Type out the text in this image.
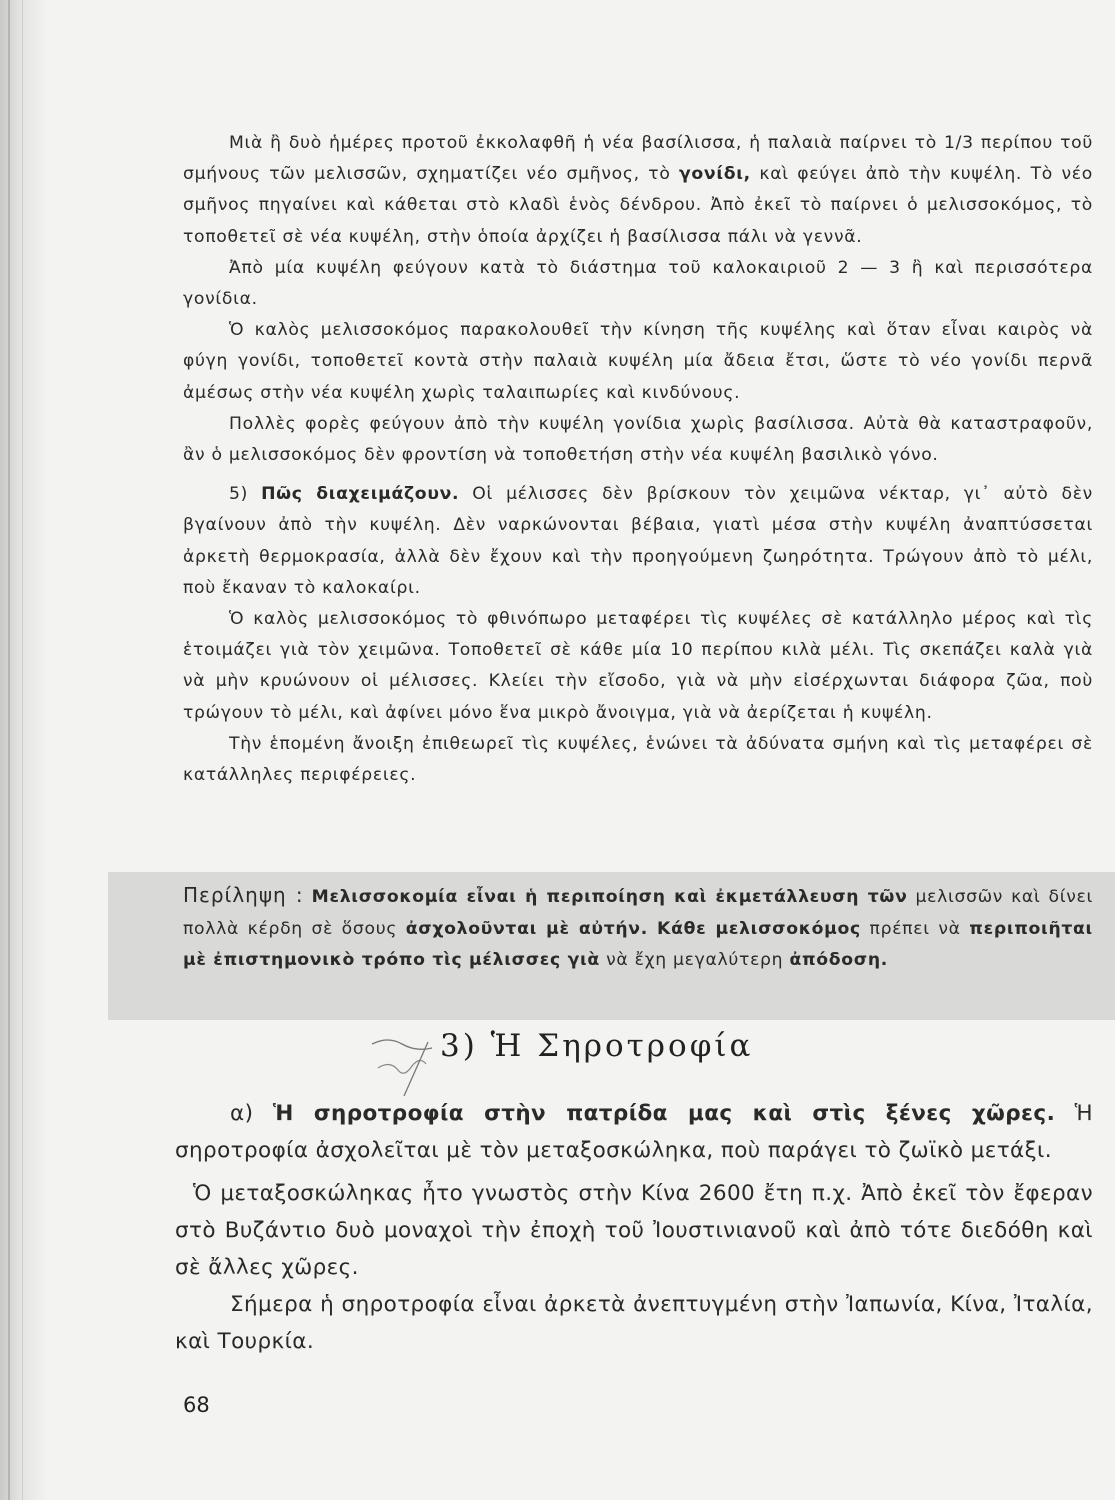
Μιὰ ἢ δυὸ ἡμέρες προτοῦ ἐκκολαφθῆ ἡ νέα βασίλισσα, ἡ παλαιὰ παίρνει τὸ 1/3 περίπου τοῦ σμήνους τῶν μελισσῶν, σχηματίζει νέο σμῆνος, τὸ γονίδι, καὶ φεύγει ἀπὸ τὴν κυψέλη. Τὸ νέο σμῆνος πηγαίνει καὶ κάθεται στὸ κλαδὶ ἑνὸς δένδρου. Ἀπὸ ἐκεῖ τὸ παίρνει ὁ μελισσοκόμος, τὸ τοποθετεῖ σὲ νέα κυψέλη, στὴν ὁποία ἀρχίζει ἡ βασίλισσα πάλι νὰ γεννᾶ.

Ἀπὸ μία κυψέλη φεύγουν κατὰ τὸ διάστημα τοῦ καλοκαιριοῦ 2 — 3 ἢ καὶ περισσότερα γονίδια.

Ὁ καλὸς μελισσοκόμος παρακολουθεῖ τὴν κίνηση τῆς κυψέλης καὶ ὅταν εἶναι καιρὸς νὰ φύγη γονίδι, τοποθετεῖ κοντὰ στὴν παλαιὰ κυψέλη μία ἄδεια ἔτσι, ὥστε τὸ νέο γονίδι περνᾶ ἀμέσως στὴν νέα κυψέλη χωρὶς ταλαιπωρίες καὶ κινδύνους.

Πολλὲς φορὲς φεύγουν ἀπὸ τὴν κυψέλη γονίδια χωρὶς βασίλισσα. Αὐτὰ θὰ καταστραφοῦν, ἂν ὁ μελισσοκόμος δὲν φροντίση νὰ τοποθετήση στὴν νέα κυψέλη βασιλικὸ γόνο.

5) Πῶς διαχειμάζουν. Οἱ μέλισσες δὲν βρίσκουν τὸν χειμῶνα νέκταρ, γι᾽ αὐτὸ δὲν βγαίνουν ἀπὸ τὴν κυψέλη. Δὲν ναρκώνονται βέβαια, γιατὶ μέσα στὴν κυψέλη ἀναπτύσσεται ἀρκετὴ θερμοκρασία, ἀλλὰ δὲν ἔχουν καὶ τὴν προηγούμενη ζωηρότητα. Τρώγουν ἀπὸ τὸ μέλι, ποὺ ἔκαναν τὸ καλοκαίρι.

Ὁ καλὸς μελισσοκόμος τὸ φθινόπωρο μεταφέρει τὶς κυψέλες σὲ κατάλληλο μέρος καὶ τὶς ἑτοιμάζει γιὰ τὸν χειμῶνα. Τοποθετεῖ σὲ κάθε μία 10 περίπου κιλὰ μέλι. Τὶς σκεπάζει καλὰ γιὰ νὰ μὴν κρυώνουν οἱ μέλισσες. Κλείει τὴν εἴσοδο, γιὰ νὰ μὴν εἰσέρχωνται διάφορα ζῶα, ποὺ τρώγουν τὸ μέλι, καὶ ἀφίνει μόνο ἕνα μικρὸ ἄνοιγμα, γιὰ νὰ ἀερίζεται ἡ κυψέλη.

Τὴν ἑπομένη ἄνοιξη ἐπιθεωρεῖ τὶς κυψέλες, ἑνώνει τὰ ἀδύνατα σμήνη καὶ τὶς μεταφέρει σὲ κατάλληλες περιφέρειες.

Περίληψη : Μελισσοκομία εἶναι ἡ περιποίηση καὶ ἐκμετάλλευση τῶν μελισσῶν καὶ δίνει πολλὰ κέρδη σὲ ὅσους ἀσχολοῦνται μὲ αὐτήν. Κάθε μελισσοκόμος πρέπει νὰ περιποιῆται μὲ ἐπιστημονικὸ τρόπο τὶς μέλισσες γιὰ νὰ ἔχη μεγαλύτερη ἀπόδοση.

3) Ἡ Σηροτροφία

α) Ἡ σηροτροφία στὴν πατρίδα μας καὶ στὶς ξένες χῶρες. Ἡ σηροτροφία ἀσχολεῖται μὲ τὸν μεταξοσκώληκα, ποὺ παράγει τὸ ζωϊκὸ μετάξι.

Ὁ μεταξοσκώληκας ἦτο γνωστὸς στὴν Κίνα 2600 ἔτη π.χ. Ἀπὸ ἐκεῖ τὸν ἔφεραν στὸ Βυζάντιο δυὸ μοναχοὶ τὴν ἐποχὴ τοῦ Ἰουστινιανοῦ καὶ ἀπὸ τότε διεδόθη καὶ σὲ ἄλλες χῶρες.

Σήμερα ἡ σηροτροφία εἶναι ἀρκετὰ ἀνεπτυγμένη στὴν Ἰαπωνία, Κίνα, Ἰταλία, καὶ Τουρκία.

68
